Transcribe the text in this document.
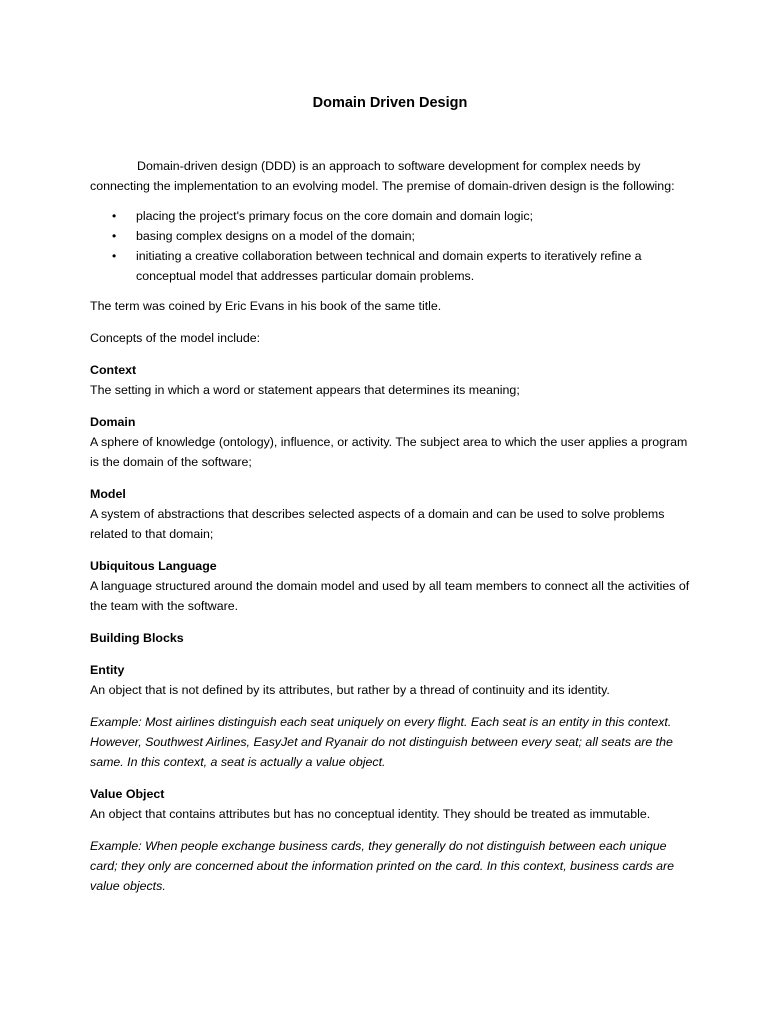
Domain Driven Design

Domain-driven design (DDD) is an approach to software development for complex needs by connecting the implementation to an evolving model. The premise of domain-driven design is the following:

• placing the project's primary focus on the core domain and domain logic;
• basing complex designs on a model of the domain;
• initiating a creative collaboration between technical and domain experts to iteratively refine a conceptual model that addresses particular domain problems.

The term was coined by Eric Evans in his book of the same title.

Concepts of the model include:

Context
The setting in which a word or statement appears that determines its meaning;
Domain
A sphere of knowledge (ontology), influence, or activity. The subject area to which the user applies a program is the domain of the software;
Model
A system of abstractions that describes selected aspects of a domain and can be used to solve problems related to that domain;
Ubiquitous Language
A language structured around the domain model and used by all team members to connect all the activities of the team with the software.
Building Blocks
Entity
An object that is not defined by its attributes, but rather by a thread of continuity and its identity.

Example: Most airlines distinguish each seat uniquely on every flight. Each seat is an entity in this context. However, Southwest Airlines, EasyJet and Ryanair do not distinguish between every seat; all seats are the same. In this context, a seat is actually a value object.

Value Object
An object that contains attributes but has no conceptual identity. They should be treated as immutable.

Example: When people exchange business cards, they generally do not distinguish between each unique card; they only are concerned about the information printed on the card. In this context, business cards are value objects.
